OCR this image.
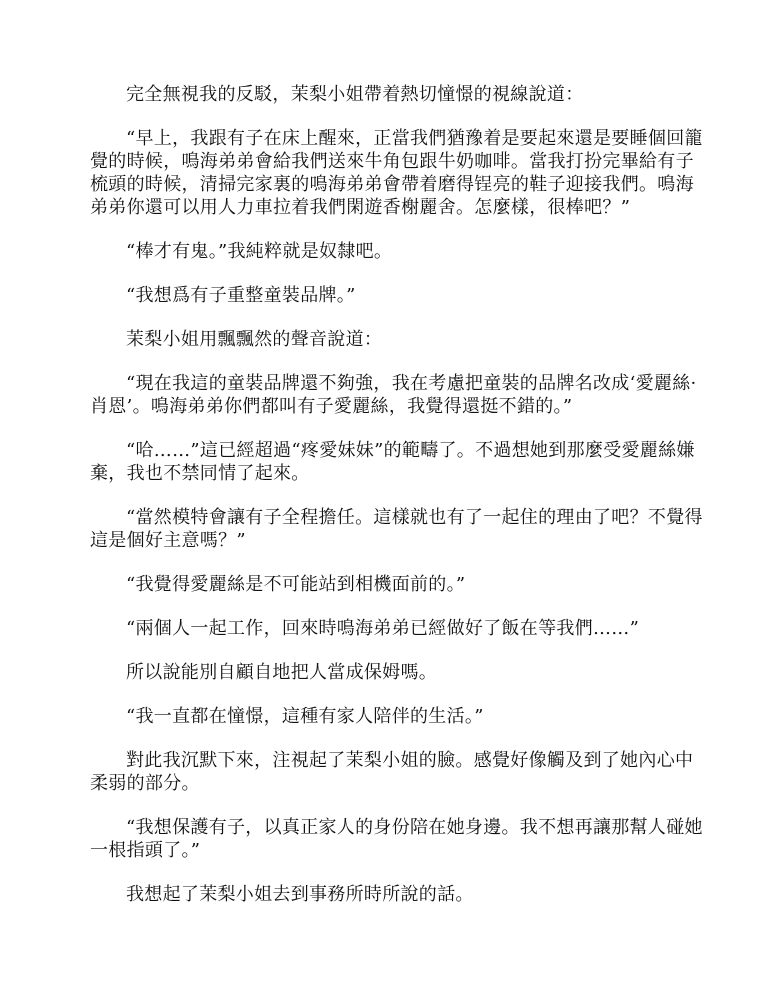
完全無視我的反駁，茉梨小姐帶着熱切憧憬的視線說道：

“早上，我跟有子在床上醒來，正當我們猶豫着是要起來還是要睡個回籠覺的時候，鳴海弟弟會給我們送來牛角包跟牛奶咖啡。當我打扮完畢給有子梳頭的時候，清掃完家裏的鳴海弟弟會帶着磨得锃亮的鞋子迎接我們。鳴海弟弟你還可以用人力車拉着我們閑遊香榭麗舍。怎麼樣，很棒吧？”

“棒才有鬼。”我純粹就是奴隸吧。

“我想爲有子重整童裝品牌。”

茉梨小姐用飄飄然的聲音說道：

“現在我這的童裝品牌還不夠強，我在考慮把童裝的品牌名改成‘愛麗絲·肖恩’。鳴海弟弟你們都叫有子愛麗絲，我覺得還挺不錯的。”

“哈……”這已經超過“疼愛妹妹”的範疇了。不過想她到那麼受愛麗絲嫌棄，我也不禁同情了起來。

“當然模特會讓有子全程擔任。這樣就也有了一起住的理由了吧？不覺得這是個好主意嗎？”

“我覺得愛麗絲是不可能站到相機面前的。”

“兩個人一起工作，回來時鳴海弟弟已經做好了飯在等我們……”

所以說能別自顧自地把人當成保姆嗎。

“我一直都在憧憬，這種有家人陪伴的生活。”

對此我沉默下來，注視起了茉梨小姐的臉。感覺好像觸及到了她內心中柔弱的部分。

“我想保護有子，以真正家人的身份陪在她身邊。我不想再讓那幫人碰她一根指頭了。”

我想起了茉梨小姐去到事務所時所說的話。
